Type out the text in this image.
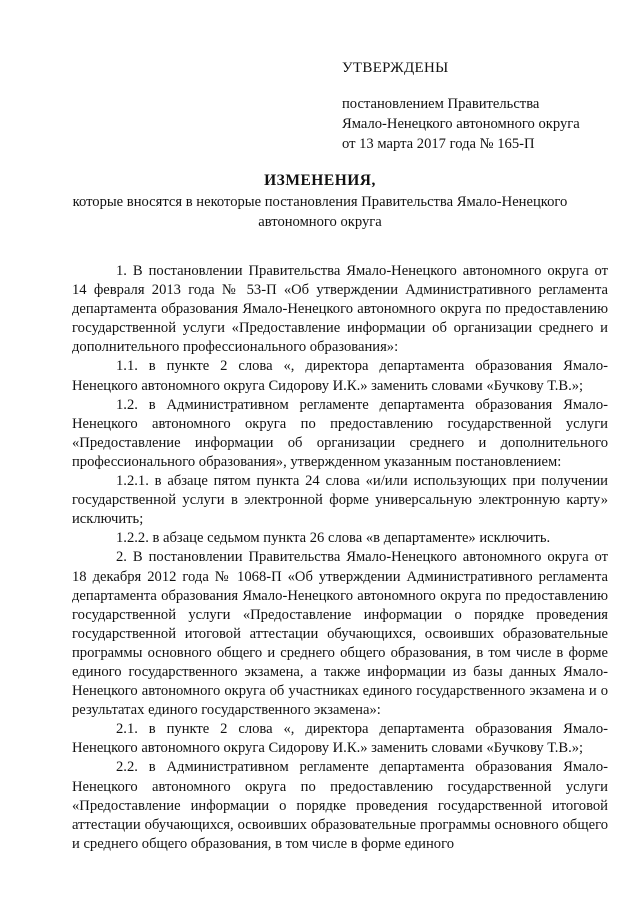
УТВЕРЖДЕНЫ
постановлением Правительства
Ямало-Ненецкого автономного округа
от 13 марта 2017 года № 165-П
ИЗМЕНЕНИЯ,
которые вносятся в некоторые постановления Правительства Ямало-Ненецкого автономного округа

1. В постановлении Правительства Ямало-Ненецкого автономного округа от 14 февраля 2013 года № 53-П «Об утверждении Административного регламента департамента образования Ямало-Ненецкого автономного округа по предоставлению государственной услуги «Предоставление информации об организации среднего и дополнительного профессионального образования»:

1.1. в пункте 2 слова «, директора департамента образования Ямало-Ненецкого автономного округа Сидорову И.К.» заменить словами «Бучкову Т.В.»;

1.2. в Административном регламенте департамента образования Ямало-Ненецкого автономного округа по предоставлению государственной услуги «Предоставление информации об организации среднего и дополнительного профессионального образования», утвержденном указанным постановлением:

1.2.1. в абзаце пятом пункта 24 слова «и/или использующих при получении государственной услуги в электронной форме универсальную электронную карту» исключить;

1.2.2. в абзаце седьмом пункта 26 слова «в департаменте» исключить.

2. В постановлении Правительства Ямало-Ненецкого автономного округа от 18 декабря 2012 года № 1068-П «Об утверждении Административного регламента департамента образования Ямало-Ненецкого автономного округа по предоставлению государственной услуги «Предоставление информации о порядке проведения государственной итоговой аттестации обучающихся, освоивших образовательные программы основного общего и среднего общего образования, в том числе в форме единого государственного экзамена, а также информации из базы данных Ямало-Ненецкого автономного округа об участниках единого государственного экзамена и о результатах единого государственного экзамена»:

2.1. в пункте 2 слова «, директора департамента образования Ямало-Ненецкого автономного округа Сидорову И.К.» заменить словами «Бучкову Т.В.»;

2.2. в Административном регламенте департамента образования Ямало-Ненецкого автономного округа по предоставлению государственной услуги «Предоставление информации о порядке проведения государственной итоговой аттестации обучающихся, освоивших образовательные программы основного общего и среднего общего образования, в том числе в форме единого
